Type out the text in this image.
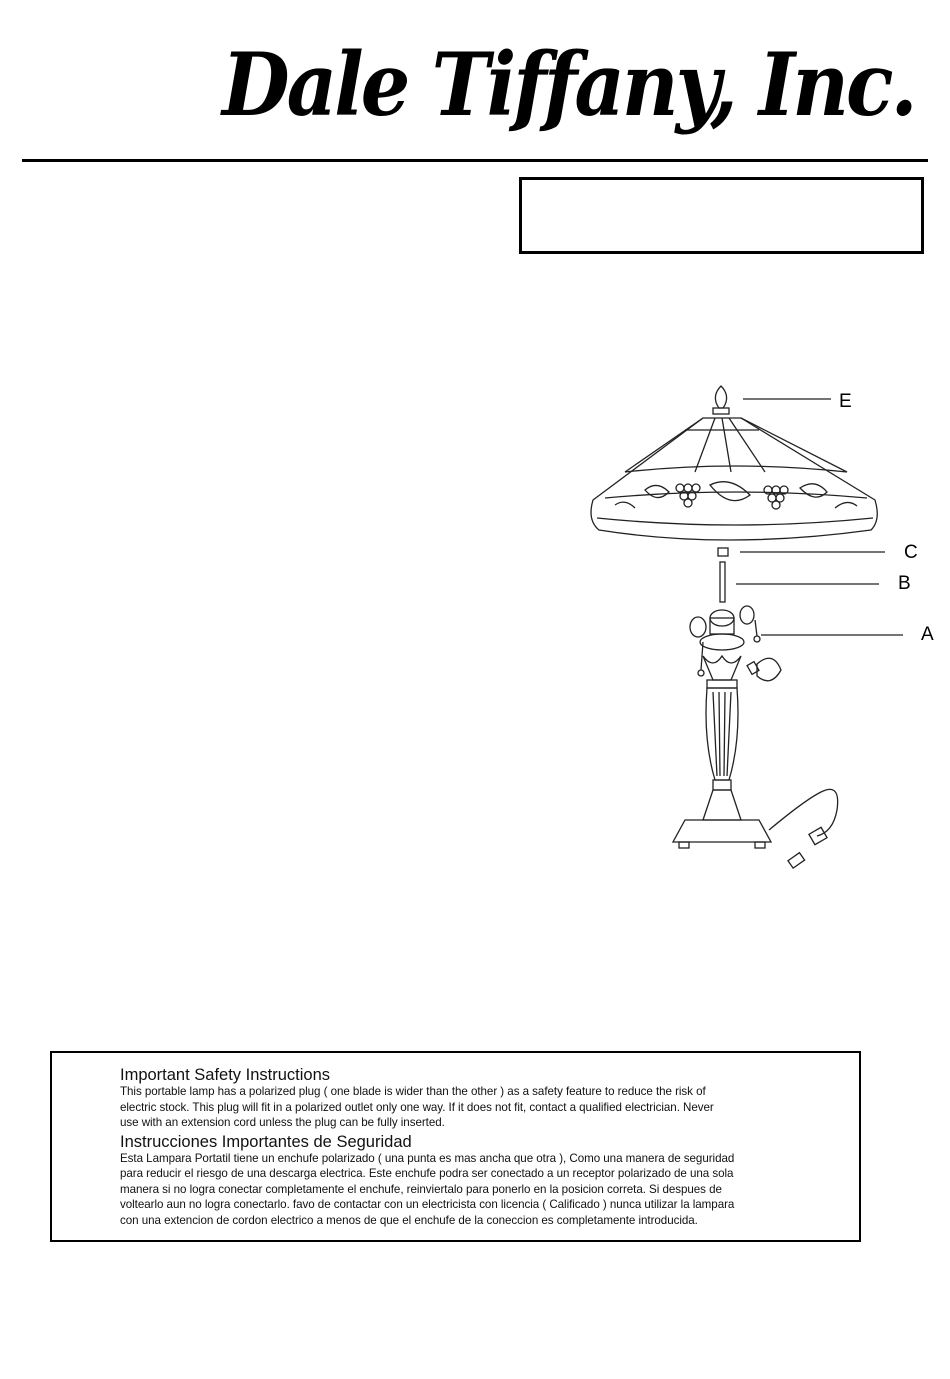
Dale Tiffany, Inc.
E
C
B
A

Important Safety Instructions

This portable lamp has a polarized plug ( one blade is wider than the other ) as a safety feature to reduce the risk of

electric stock. This plug will fit in a polarized outlet only one way. If it does not fit, contact a qualified electrician. Never

use with an extension cord unless the plug can be fully inserted.

Instrucciones Importantes de Seguridad

Esta Lampara Portatil tiene un enchufe polarizado ( una punta es mas ancha que otra ), Como una manera de seguridad

para reducir el riesgo de una descarga electrica. Este enchufe podra ser conectado a un receptor polarizado de una sola

manera si no logra conectar completamente el enchufe, reinviertalo para ponerlo en la posicion correta. Si despues de

voltearlo aun no logra conectarlo. favo de contactar con un electricista con licencia ( Calificado ) nunca utilizar la lampara

con una extencion de cordon electrico a menos de que el enchufe de la coneccion es completamente introducida.
